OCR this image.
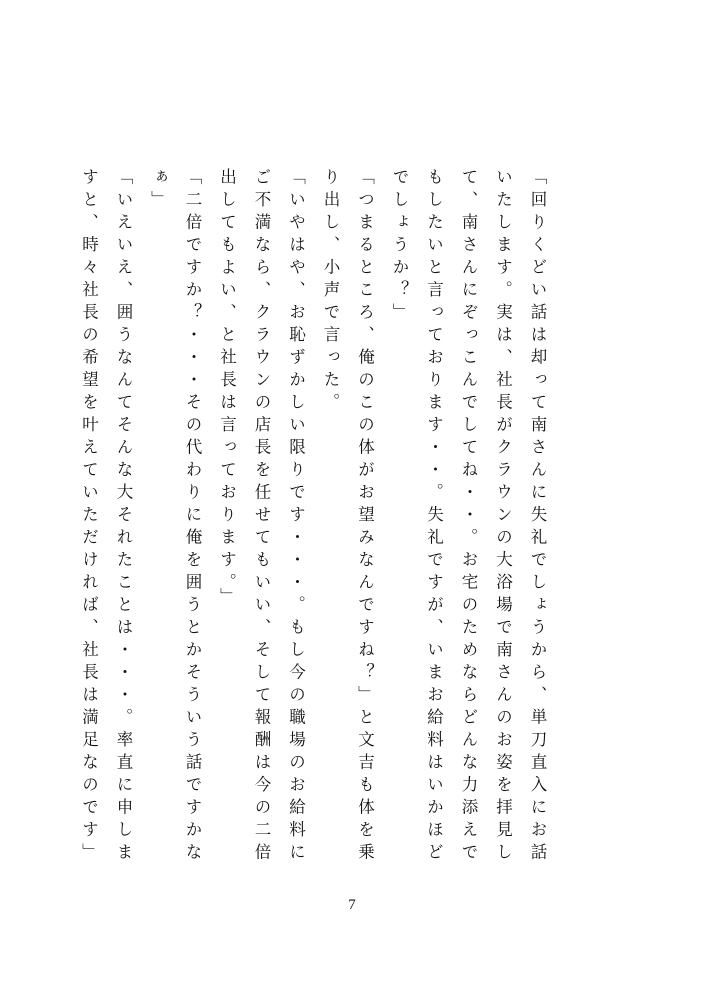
「回りくどい話は却って南さんに失礼でしょうから、単刀直入にお話いたします。実は、社長がクラウンの大浴場で南さんのお姿を拝見して、南さんにぞっこんでしてね・・。お宅のためならどんな力添えでもしたいと言っております・・。失礼ですが、いまお給料はいかほどでしょうか？」

「つまるところ、俺のこの体がお望みなんですね？」と文吉も体を乗り出し、小声で言った。

「いやはや、お恥ずかしい限りです・・・。もし今の職場のお給料にご不満なら、クラウンの店長を任せてもいい、そして報酬は今の二倍出してもよい、と社長は言っております。」

「二倍ですか？・・・その代わりに俺を囲うとかそういう話ですかなぁ」

「いえいえ、囲うなんてそんな大それたことは・・・。率直に申しますと、時々社長の希望を叶えていただければ、社長は満足なのです」

7
